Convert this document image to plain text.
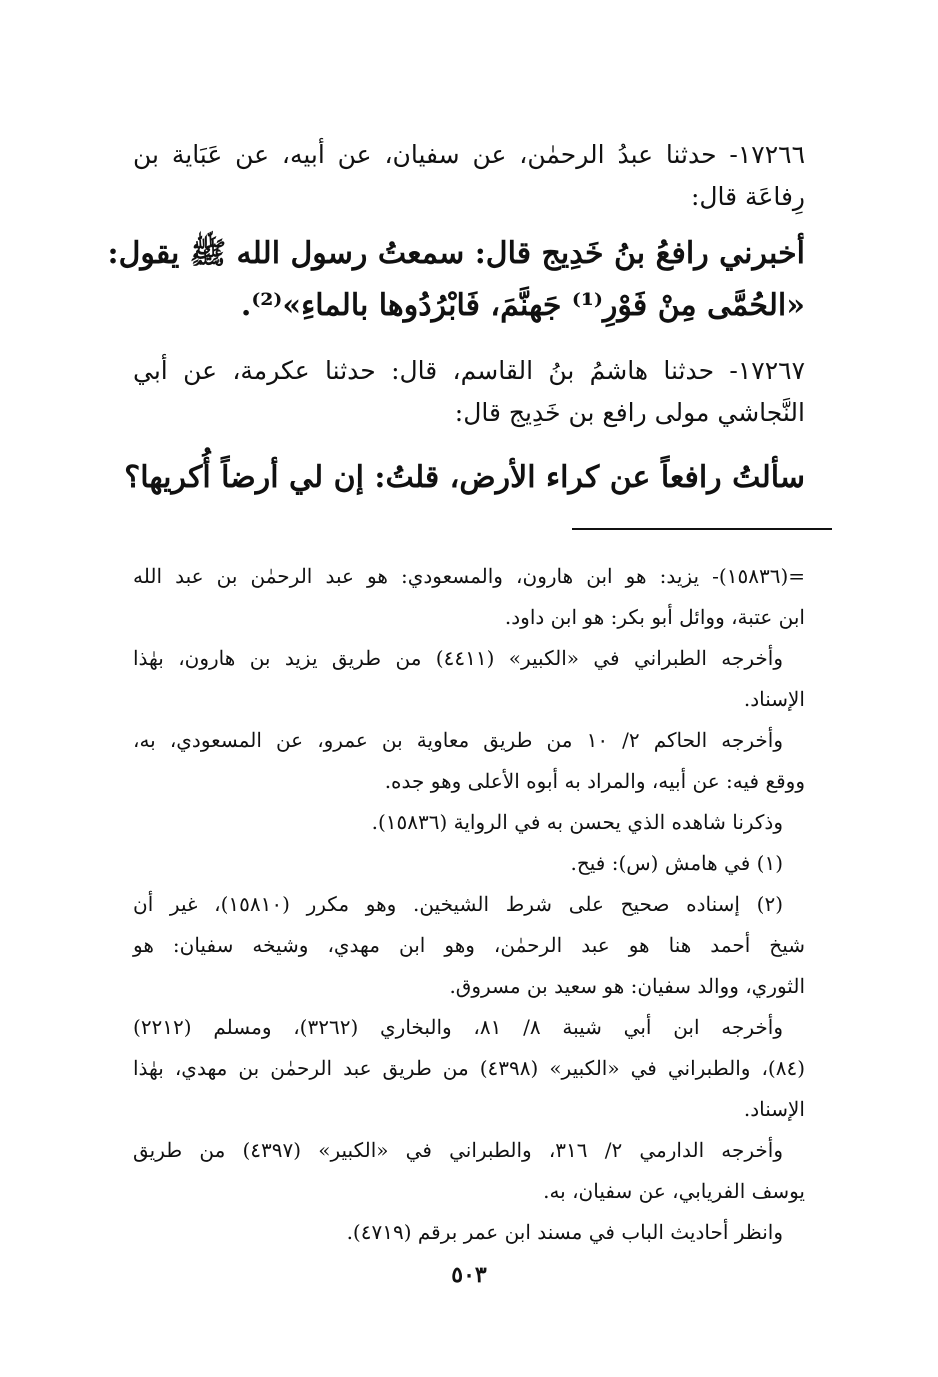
١٧٢٦٦- حدثنا عبدُ الرحمٰن، عن سفيان، عن أبيه، عن عَبَاية بن
رِفاعَة قال:
أخبرني رافعُ بنُ خَدِيج قال: سمعتُ رسول الله ﷺ يقول:
«الحُمَّى مِنْ فَوْرِ⁽¹⁾ جَهنَّمَ، فَابْرُدُوها بالماءِ»⁽²⁾.
١٧٢٦٧- حدثنا هاشمُ بنُ القاسم، قال: حدثنا عكرمة، عن أبي
النَّجاشي مولى رافع بن خَدِيج قال:
سألتُ رافعاً عن كراء الأرض، قلتُ: إن لي أرضاً أُكريها؟
=(١٥٨٣٦)- يزيد: هو ابن هارون، والمسعودي: هو عبد الرحمٰن بن عبد الله
ابن عتبة، ووائل أبو بكر: هو ابن داود.
وأخرجه الطبراني في «الكبير» (٤٤١١) من طريق يزيد بن هارون، بهٰذا
الإسناد.
وأخرجه الحاكم ٢/ ١٠ من طريق معاوية بن عمرو، عن المسعودي، به،
ووقع فيه: عن أبيه، والمراد به أبوه الأعلى وهو جده.
وذكرنا شاهده الذي يحسن به في الرواية (١٥٨٣٦).
(١) في هامش (س): فيح.
(٢) إسناده صحيح على شرط الشيخين. وهو مكرر (١٥٨١٠)، غير أن
شيخ أحمد هنا هو عبد الرحمٰن، وهو ابن مهدي، وشيخه سفيان: هو
الثوري، ووالد سفيان: هو سعيد بن مسروق.
وأخرجه ابن أبي شيبة ٨/ ٨١، والبخاري (٣٢٦٢)، ومسلم (٢٢١٢)
(٨٤)، والطبراني في «الكبير» (٤٣٩٨) من طريق عبد الرحمٰن بن مهدي، بهٰذا
الإسناد.
وأخرجه الدارمي ٢/ ٣١٦، والطبراني في «الكبير» (٤٣٩٧) من طريق
يوسف الفريابي، عن سفيان، به.
وانظر أحاديث الباب في مسند ابن عمر برقم (٤٧١٩).
٥٠٣
